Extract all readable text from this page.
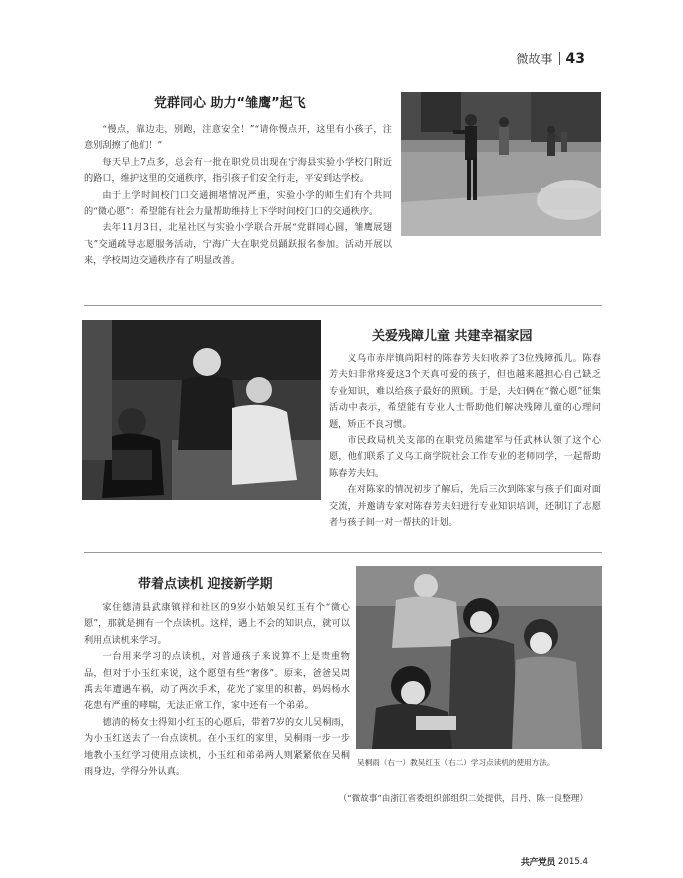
微故事 43
党群同心 助力“雏鹰”起飞

“慢点，靠边走，别跑，注意安全！”“请你慢点开，这里有小孩子，注意别刮擦了他们！”

每天早上7点多，总会有一批在职党员出现在宁海县实验小学校门附近的路口，维护这里的交通秩序，指引孩子们安全行走，平安到达学校。

由于上学时间校门口交通拥堵情况严重，实验小学的师生们有个共同的“微心愿”：希望能有社会力量帮助维持上下学时间校门口的交通秩序。

去年11月3日，北星社区与实验小学联合开展“党群同心圆，雏鹰展翅飞”交通疏导志愿服务活动，宁海广大在职党员踊跃报名参加。活动开展以来，学校周边交通秩序有了明显改善。

关爱残障儿童 共建幸福家园

义乌市赤岸镇尚阳村的陈春芳夫妇收养了3位残障孤儿。陈春芳夫妇非常疼爱这3个天真可爱的孩子，但也越来越担心自己缺乏专业知识，难以给孩子最好的照顾。于是，夫妇俩在“微心愿”征集活动中表示，希望能有专业人士帮助他们解决残障儿童的心理问题，矫正不良习惯。

市民政局机关支部的在职党员熊建军与任武林认领了这个心愿，他们联系了义乌工商学院社会工作专业的老师同学，一起帮助陈春芳夫妇。

在对陈家的情况初步了解后，先后三次到陈家与孩子们面对面交流，并邀请专家对陈春芳夫妇进行专业知识培训，还制订了志愿者与孩子间一对一帮扶的计划。

带着点读机 迎接新学期

家住德清县武康镇祥和社区的9岁小姑娘吴红玉有个“微心愿”，那就是拥有一个点读机。这样，遇上不会的知识点，就可以利用点读机来学习。

一台用来学习的点读机，对普通孩子来说算不上是贵重物品，但对于小玉红来说，这个愿望有些“奢侈”。原来，爸爸吴周禹去年遭遇车祸，动了两次手术，花光了家里的积蓄，妈妈杨水花患有严重的哮喘，无法正常工作，家中还有一个弟弟。

德清的杨女士得知小红玉的心愿后，带着7岁的女儿吴桐雨，为小玉红送去了一台点读机。在小玉红的家里，吴桐雨一步一步地教小玉红学习使用点读机，小玉红和弟弟两人则紧紧依在吴桐雨身边，学得分外认真。

吴桐雨（右一）教吴红玉（右二）学习点读机的使用方法。
（“微故事”由浙江省委组织部组织二处提供，吕丹、陈一良整理）
共产党员 2015.4
